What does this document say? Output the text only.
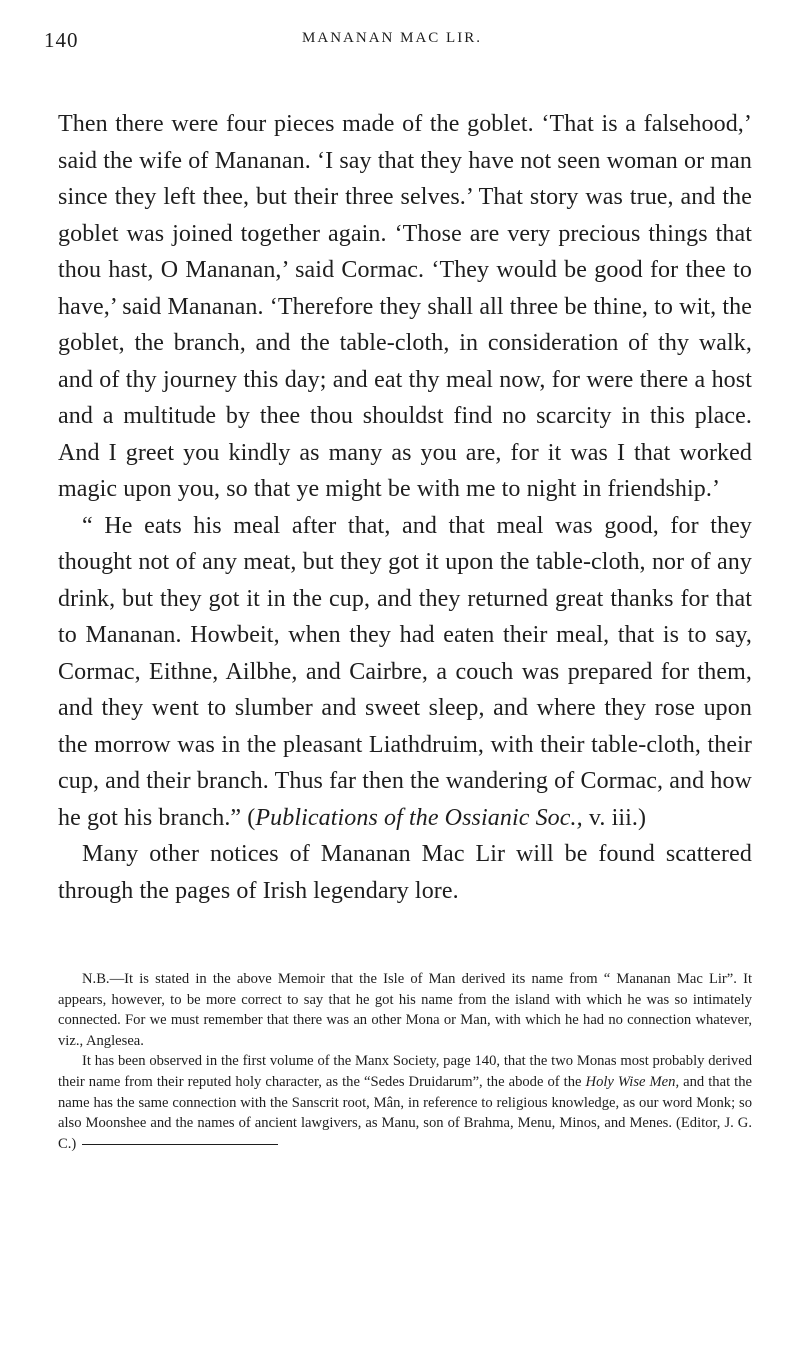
140	MANANAN MAC LIR.

Then there were four pieces made of the goblet. ‘That is a falsehood,’ said the wife of Mananan. ‘I say that they have not seen woman or man since they left thee, but their three selves.’ That story was true, and the goblet was joined together again. ‘Those are very precious things that thou hast, O Mananan,’ said Cormac. ‘They would be good for thee to have,’ said Mananan. ‘Therefore they shall all three be thine, to wit, the goblet, the branch, and the table-cloth, in consideration of thy walk, and of thy journey this day; and eat thy meal now, for were there a host and a multitude by thee thou shouldst find no scarcity in this place. And I greet you kindly as many as you are, for it was I that worked magic upon you, so that ye might be with me to night in friendship.’

“ He eats his meal after that, and that meal was good, for they thought not of any meat, but they got it upon the table-cloth, nor of any drink, but they got it in the cup, and they returned great thanks for that to Mananan. Howbeit, when they had eaten their meal, that is to say, Cormac, Eithne, Ailbhe, and Cairbre, a couch was prepared for them, and they went to slumber and sweet sleep, and where they rose upon the morrow was in the pleasant Liathdruim, with their table-cloth, their cup, and their branch. Thus far then the wandering of Cormac, and how he got his branch.” (Publications of the Ossianic Soc., v. iii.)

Many other notices of Mananan Mac Lir will be found scattered through the pages of Irish legendary lore.

N.B.—It is stated in the above Memoir that the Isle of Man derived its name from “ Mananan Mac Lir”. It appears, however, to be more correct to say that he got his name from the island with which he was so intimately connected. For we must remember that there was an other Mona or Man, with which he had no connection whatever, viz., Anglesea.

It has been observed in the first volume of the Manx Society, page 140, that the two Monas most probably derived their name from their reputed holy character, as the “Sedes Druidarum”, the abode of the Holy Wise Men, and that the name has the same connection with the Sanscrit root, Mân, in reference to religious knowledge, as our word Monk; so also Moonshee and the names of ancient lawgivers, as Manu, son of Brahma, Menu, Minos, and Menes. (Editor, J. G. C.)
